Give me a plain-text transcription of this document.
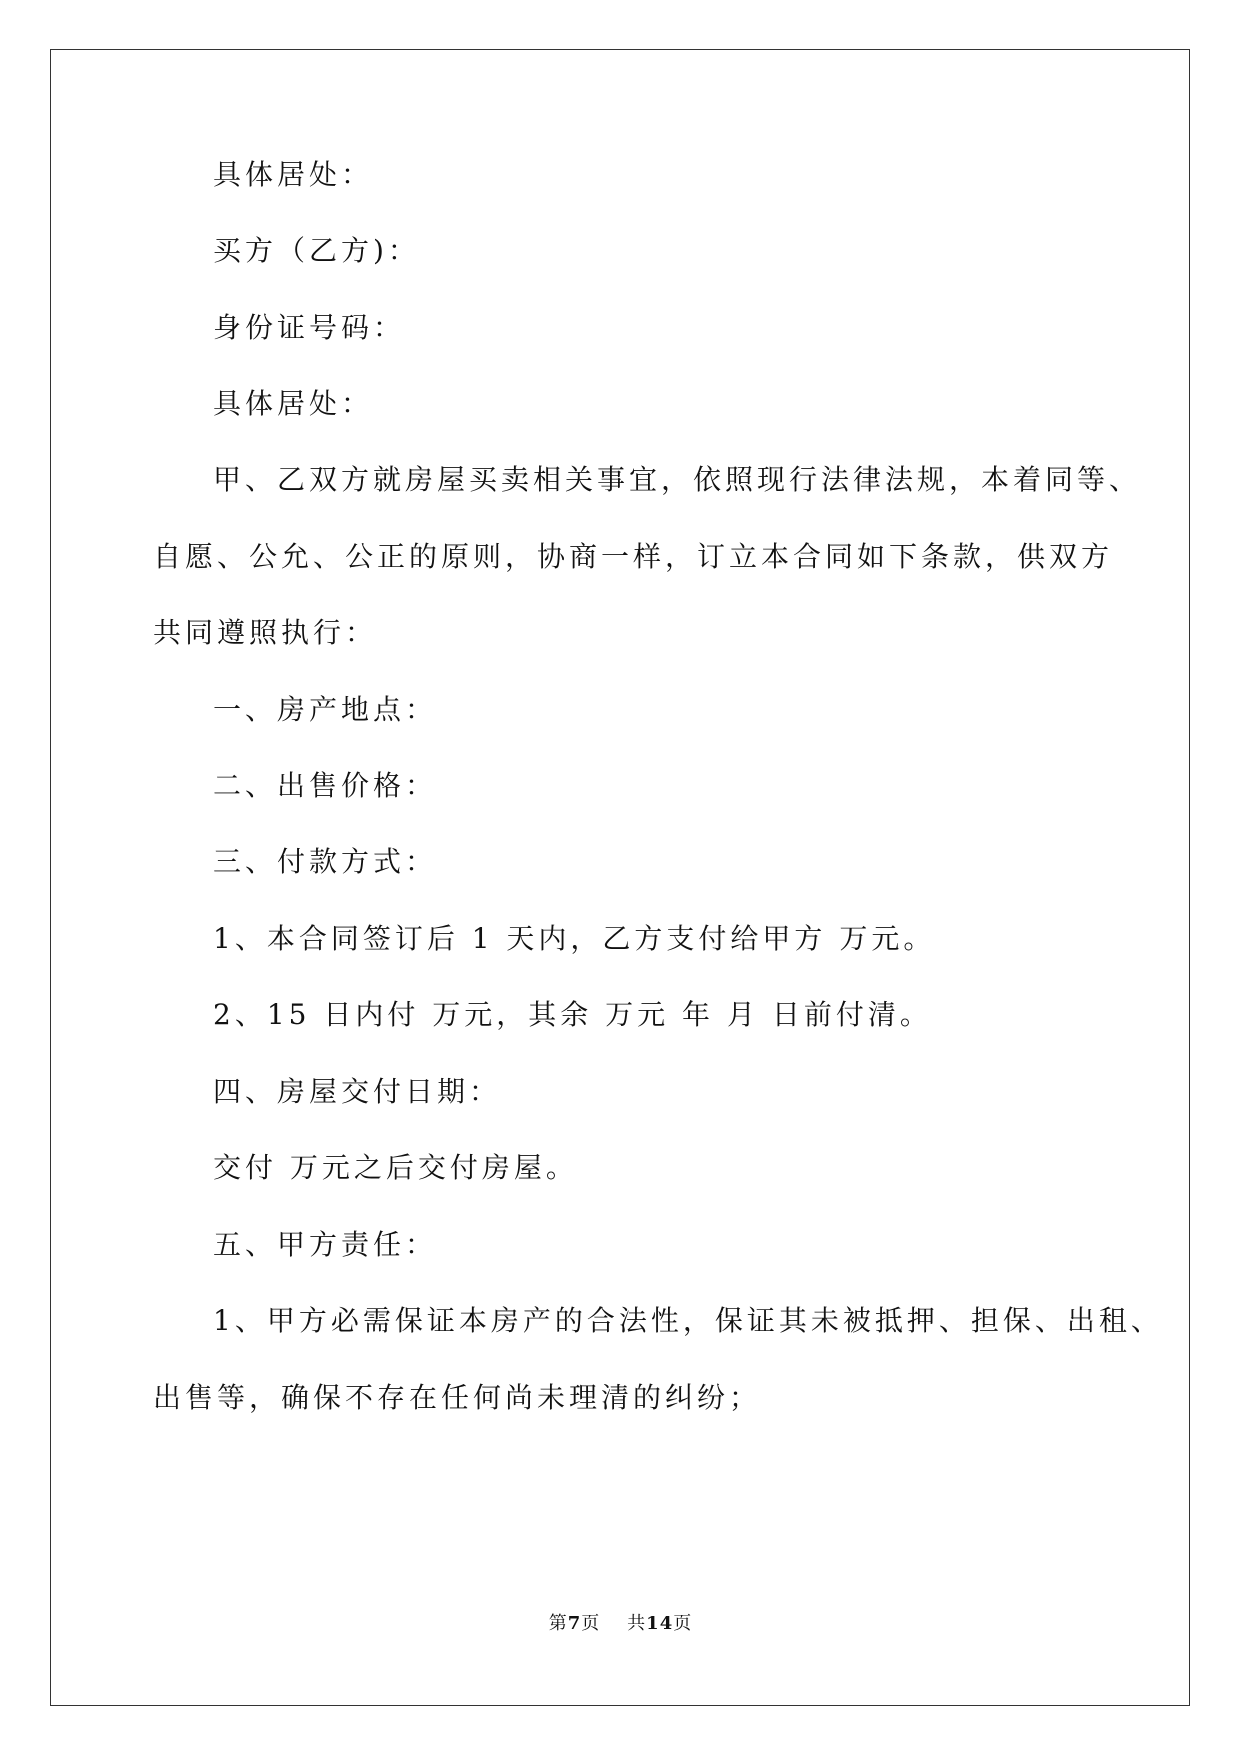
具体居处：
买方（乙方)：
身份证号码：
具体居处：
甲、乙双方就房屋买卖相关事宜，依照现行法律法规，本着同等、
自愿、公允、公正的原则，协商一样，订立本合同如下条款，供双方
共同遵照执行：
一、房产地点：
二、出售价格：
三、付款方式：
1、本合同签订后 1 天内，乙方支付给甲方 万元。
2、15 日内付 万元，其余 万元 年 月 日前付清。
四、房屋交付日期：
交付 万元之后交付房屋。
五、甲方责任：
1、甲方必需保证本房产的合法性，保证其未被抵押、担保、出租、
出售等，确保不存在任何尚未理清的纠纷；
第7页 共14页
